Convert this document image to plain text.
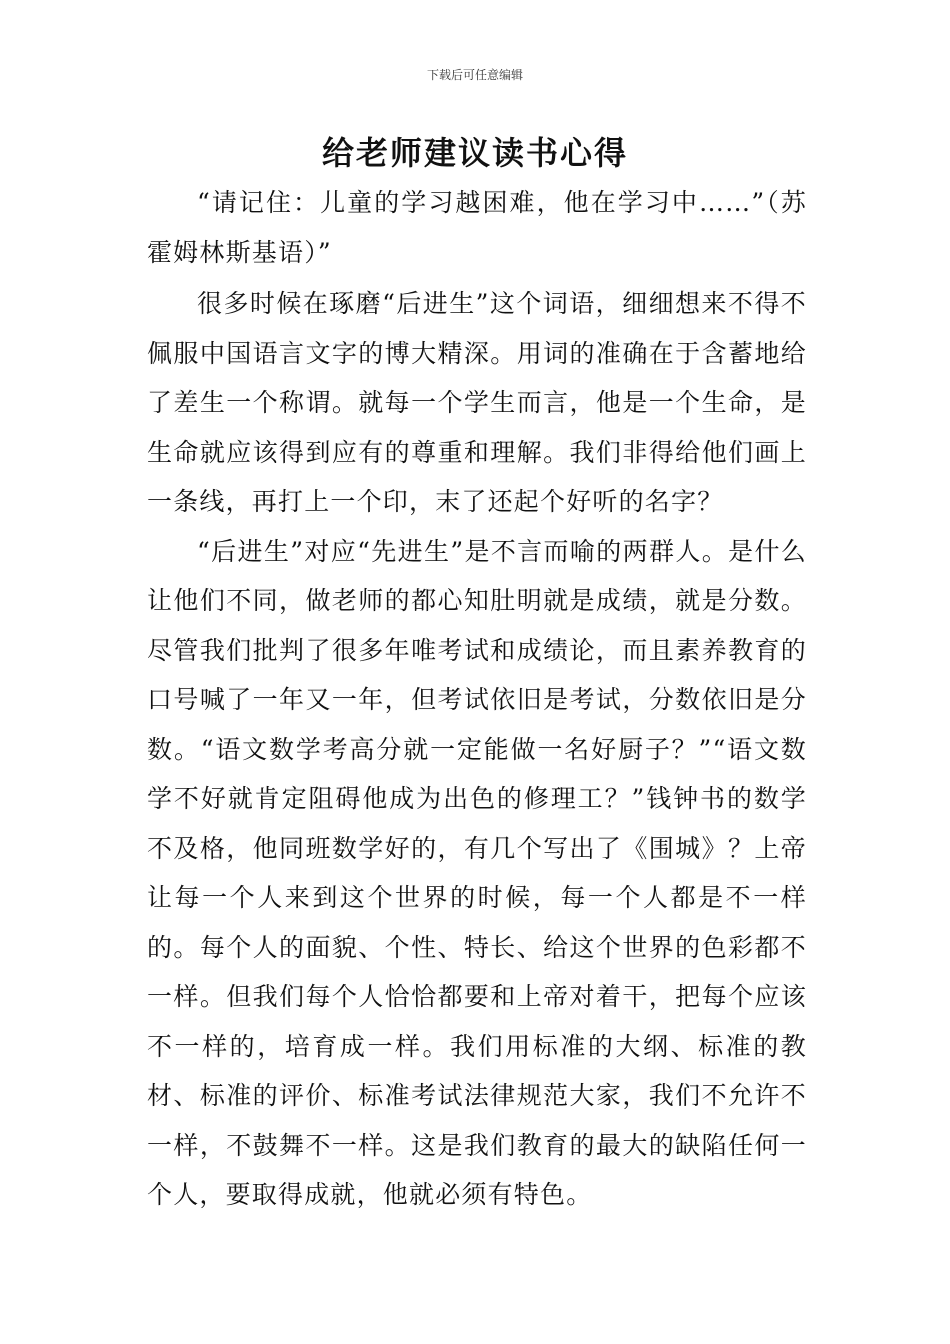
下载后可任意编辑
给老师建议读书心得

“请记住：儿童的学习越困难，他在学习中……”（苏霍姆林斯基语）”

很多时候在琢磨“后进生”这个词语，细细想来不得不佩服中国语言文字的博大精深。用词的准确在于含蓄地给了差生一个称谓。就每一个学生而言，他是一个生命，是生命就应该得到应有的尊重和理解。我们非得给他们画上一条线，再打上一个印，末了还起个好听的名字？

“后进生”对应“先进生”是不言而喻的两群人。是什么让他们不同，做老师的都心知肚明就是成绩，就是分数。尽管我们批判了很多年唯考试和成绩论，而且素养教育的口号喊了一年又一年，但考试依旧是考试，分数依旧是分数。“语文数学考高分就一定能做一名好厨子？”“语文数学不好就肯定阻碍他成为出色的修理工？”钱钟书的数学不及格，他同班数学好的，有几个写出了《围城》？上帝让每一个人来到这个世界的时候，每一个人都是不一样的。每个人的面貌、个性、特长、给这个世界的色彩都不一样。但我们每个人恰恰都要和上帝对着干，把每个应该不一样的，培育成一样。我们用标准的大纲、标准的教材、标准的评价、标准考试法律规范大家，我们不允许不一样，不鼓舞不一样。这是我们教育的最大的缺陷任何一个人，要取得成就，他就必须有特色。
